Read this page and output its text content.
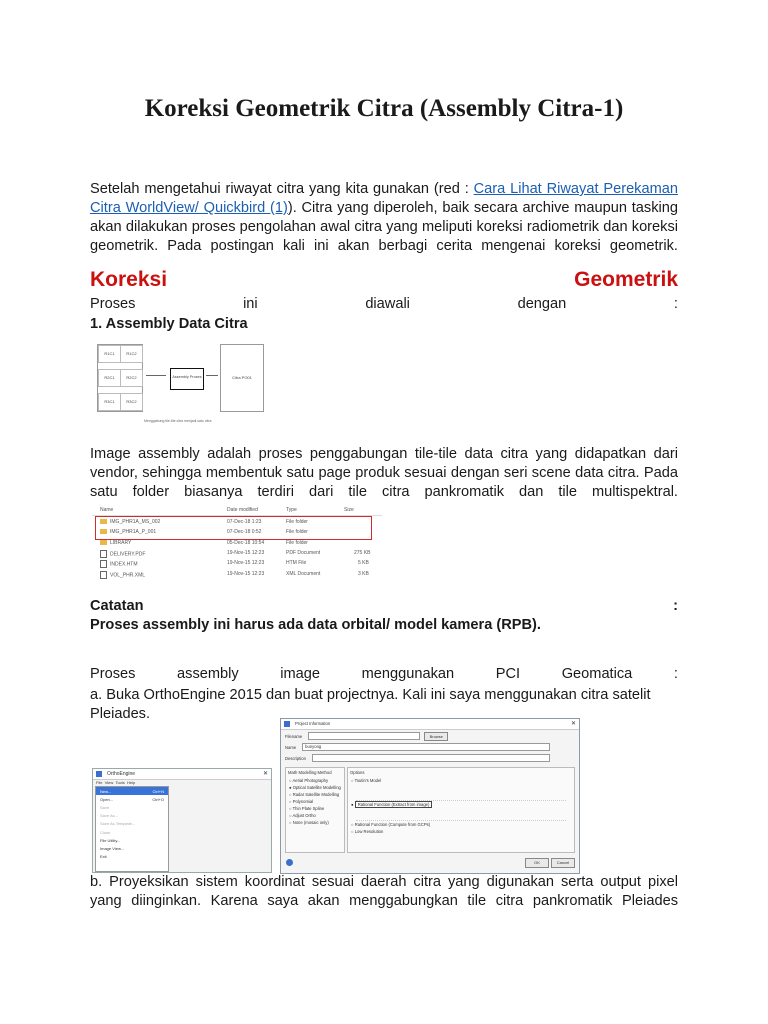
Koreksi Geometrik Citra (Assembly Citra-1)
Setelah mengetahui riwayat citra yang kita gunakan (red : Cara Lihat Riwayat Perekaman Citra WorldView/ Quickbird (1)). Citra yang diperoleh, baik secara archive maupun tasking akan dilakukan proses pengolahan awal citra yang meliputi koreksi radiometrik dan koreksi geometrik. Pada postingan kali ini akan berbagi cerita mengenai koreksi geometrik.
Koreksi	Geometrik
Proses	ini	diawali	dengan	:
1. Assembly Data Citra
R1C1	R1C2
R2C1	R2C2
R3C1	R3C2
Assembly Proses	Citra PO01
Menggabung tile-tile citra menjadi satu citra
Image assembly adalah proses penggabungan tile-tile data citra yang didapatkan dari vendor, sehingga membentuk satu page produk sesuai dengan seri scene data citra. Pada satu folder biasanya terdiri dari tile citra pankromatik dan tile multispektral.
Name	Date modified	Type	Size
IMG_PHR1A_MS_002	07-Dec-18 1:23	File folder
IMG_PHR1A_P_001	07-Dec-18 0:52	File folder
LIBRARY	05-Dec-18 10:54	File folder
DELIVERY.PDF	19-Nov-15 12:23	PDF Document	275 KB
INDEX.HTM	19-Nov-15 12:23	HTM File	5 KB
VOL_PHR.XML	19-Nov-15 12:23	XML Document	3 KB
Catatan	:
Proses assembly ini harus ada data orbital/ model kamera (RPB).
Proses	assembly	image	menggunakan	PCI	Geomatica	:
a. Buka OrthoEngine 2015 dan buat projectnya. Kali ini saya menggunakan citra satelit Pleiades.
OrthoEngine	✕
File View Tools Help
New...	Ctrl+N
Open...	Ctrl+O
Save
Save As...
Save As Template...
Close
File Utility...
Image View...
Exit
Project Information	✕
Filename	Browse
Name	bunyong
Description
Math Modelling Method
○ Aerial Photography
● Optical Satellite Modelling
○ Radar Satellite Modelling
○ Polynomial
○ Thin Plate Spline
○ Adjust Ortho
○ None (mosaic only)
Options
○ Toutin's Model
● Rational Function (Extract from image)
○ Rational Function (Compute from GCPs)
○ Low Resolution
OK	Cancel
b. Proyeksikan sistem koordinat sesuai daerah citra yang digunakan serta output pixel yang diinginkan. Karena saya akan menggabungkan tile citra pankromatik Pleiades
